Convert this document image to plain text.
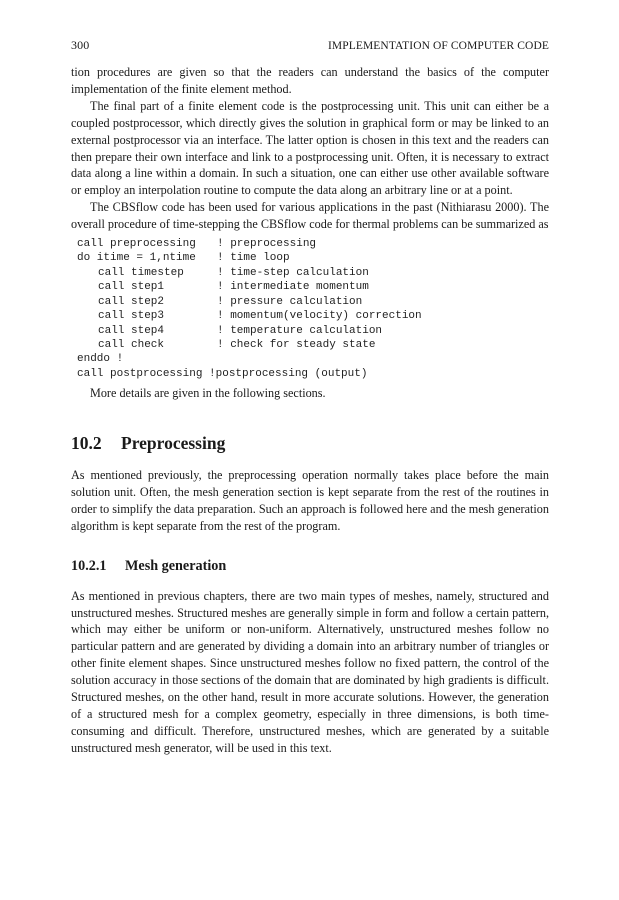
300	IMPLEMENTATION OF COMPUTER CODE

tion procedures are given so that the readers can understand the basics of the computer implementation of the finite element method.

The final part of a finite element code is the postprocessing unit. This unit can either be a coupled postprocessor, which directly gives the solution in graphical form or may be linked to an external postprocessor via an interface. The latter option is chosen in this text and the readers can then prepare their own interface and link to a postprocessing unit. Often, it is necessary to extract data along a line within a domain. In such a situation, one can either use other available software or employ an interpolation routine to compute the data along an arbitrary line or at a point.

The CBSflow code has been used for various applications in the past (Nithiarasu 2000). The overall procedure of time-stepping the CBSflow code for thermal problems can be summarized as

call preprocessing ! preprocessing
do itime = 1,ntime ! time loop
call timestep	! time-step calculation
call step1	! intermediate momentum
call step2	! pressure calculation
call step3	! momentum(velocity) correction
call step4	! temperature calculation
call check	! check for steady state
enddo !
call postprocessing !postprocessing (output)

More details are given in the following sections.

10.2 Preprocessing

As mentioned previously, the preprocessing operation normally takes place before the main solution unit. Often, the mesh generation section is kept separate from the rest of the routines in order to simplify the data preparation. Such an approach is followed here and the mesh generation algorithm is kept separate from the rest of the program.

10.2.1 Mesh generation

As mentioned in previous chapters, there are two main types of meshes, namely, structured and unstructured meshes. Structured meshes are generally simple in form and follow a certain pattern, which may either be uniform or non-uniform. Alternatively, unstructured meshes follow no particular pattern and are generated by dividing a domain into an arbitrary number of triangles or other finite element shapes. Since unstructured meshes follow no fixed pattern, the control of the solution accuracy in those sections of the domain that are dominated by high gradients is difficult. Structured meshes, on the other hand, result in more accurate solutions. However, the generation of a structured mesh for a complex geometry, especially in three dimensions, is both time-consuming and difficult. Therefore, unstructured meshes, which are generated by a suitable unstructured mesh generator, will be used in this text.
